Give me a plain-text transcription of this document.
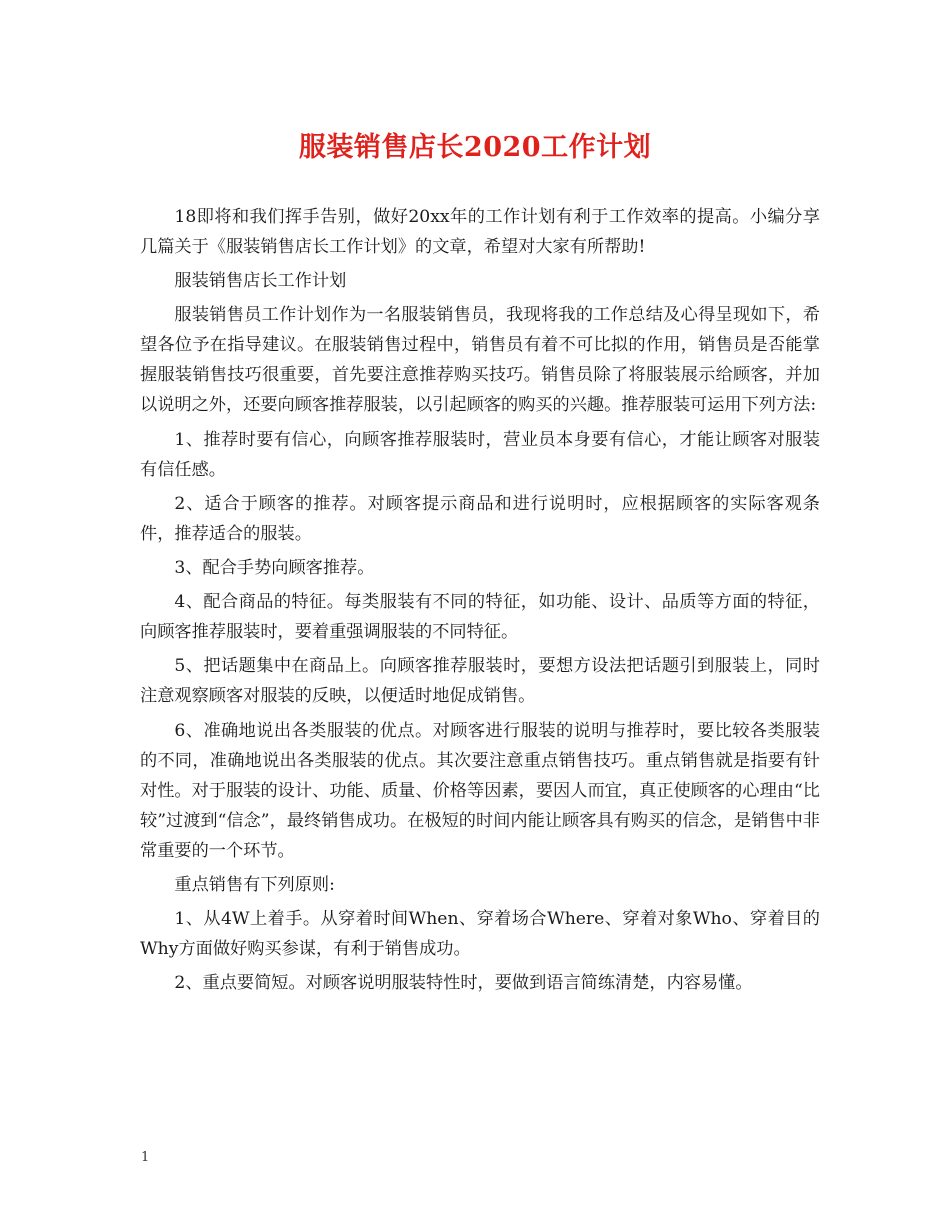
服装销售店长2020工作计划

18即将和我们挥手告别，做好20xx年的工作计划有利于工作效率的提高。小编分享几篇关于《服装销售店长工作计划》的文章，希望对大家有所帮助!

服装销售店长工作计划

服装销售员工作计划作为一名服装销售员，我现将我的工作总结及心得呈现如下，希望各位予在指导建议。在服装销售过程中，销售员有着不可比拟的作用，销售员是否能掌握服装销售技巧很重要，首先要注意推荐购买技巧。销售员除了将服装展示给顾客，并加以说明之外，还要向顾客推荐服装，以引起顾客的购买的兴趣。推荐服装可运用下列方法:

1、推荐时要有信心，向顾客推荐服装时，营业员本身要有信心，才能让顾客对服装有信任感。

2、适合于顾客的推荐。对顾客提示商品和进行说明时，应根据顾客的实际客观条件，推荐适合的服装。

3、配合手势向顾客推荐。

4、配合商品的特征。每类服装有不同的特征，如功能、设计、品质等方面的特征，向顾客推荐服装时，要着重强调服装的不同特征。

5、把话题集中在商品上。向顾客推荐服装时，要想方设法把话题引到服装上，同时注意观察顾客对服装的反映，以便适时地促成销售。

6、准确地说出各类服装的优点。对顾客进行服装的说明与推荐时，要比较各类服装的不同，准确地说出各类服装的优点。其次要注意重点销售技巧。重点销售就是指要有针对性。对于服装的设计、功能、质量、价格等因素，要因人而宜，真正使顾客的心理由“比较”过渡到“信念”，最终销售成功。在极短的时间内能让顾客具有购买的信念，是销售中非常重要的一个环节。

重点销售有下列原则:

1、从4W上着手。从穿着时间When、穿着场合Where、穿着对象Who、穿着目的Why方面做好购买参谋，有利于销售成功。

2、重点要简短。对顾客说明服装特性时，要做到语言简练清楚，内容易懂。

1
